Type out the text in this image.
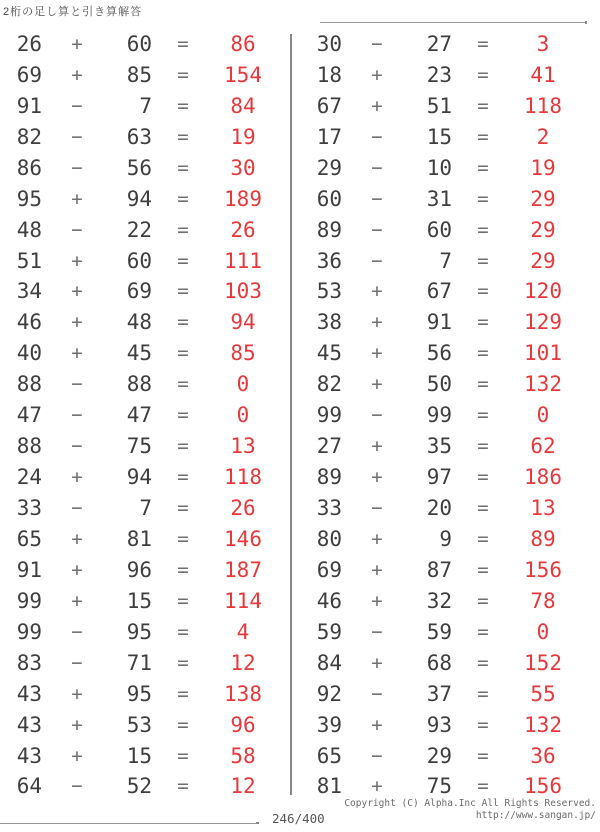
2桁の足し算と引き算解答
26	+	60	=	86
69	+	85	=	154
91	−	7	=	84
82	−	63	=	19
86	−	56	=	30
95	+	94	=	189
48	−	22	=	26
51	+	60	=	111
34	+	69	=	103
46	+	48	=	94
40	+	45	=	85
88	−	88	=	0
47	−	47	=	0
88	−	75	=	13
24	+	94	=	118
33	−	7	=	26
65	+	81	=	146
91	+	96	=	187
99	+	15	=	114
99	−	95	=	4
83	−	71	=	12
43	+	95	=	138
43	+	53	=	96
43	+	15	=	58
64	−	52	=	12
30	−	27	=	3
18	+	23	=	41
67	+	51	=	118
17	−	15	=	2
29	−	10	=	19
60	−	31	=	29
89	−	60	=	29
36	−	7	=	29
53	+	67	=	120
38	+	91	=	129
45	+	56	=	101
82	+	50	=	132
99	−	99	=	0
27	+	35	=	62
89	+	97	=	186
33	−	20	=	13
80	+	9	=	89
69	+	87	=	156
46	+	32	=	78
59	−	59	=	0
84	+	68	=	152
92	−	37	=	55
39	+	93	=	132
65	−	29	=	36
81	+	75	=	156
246/400
Copyright (C) Alpha.Inc All Rights Reserved.
http://www.sangan.jp/
